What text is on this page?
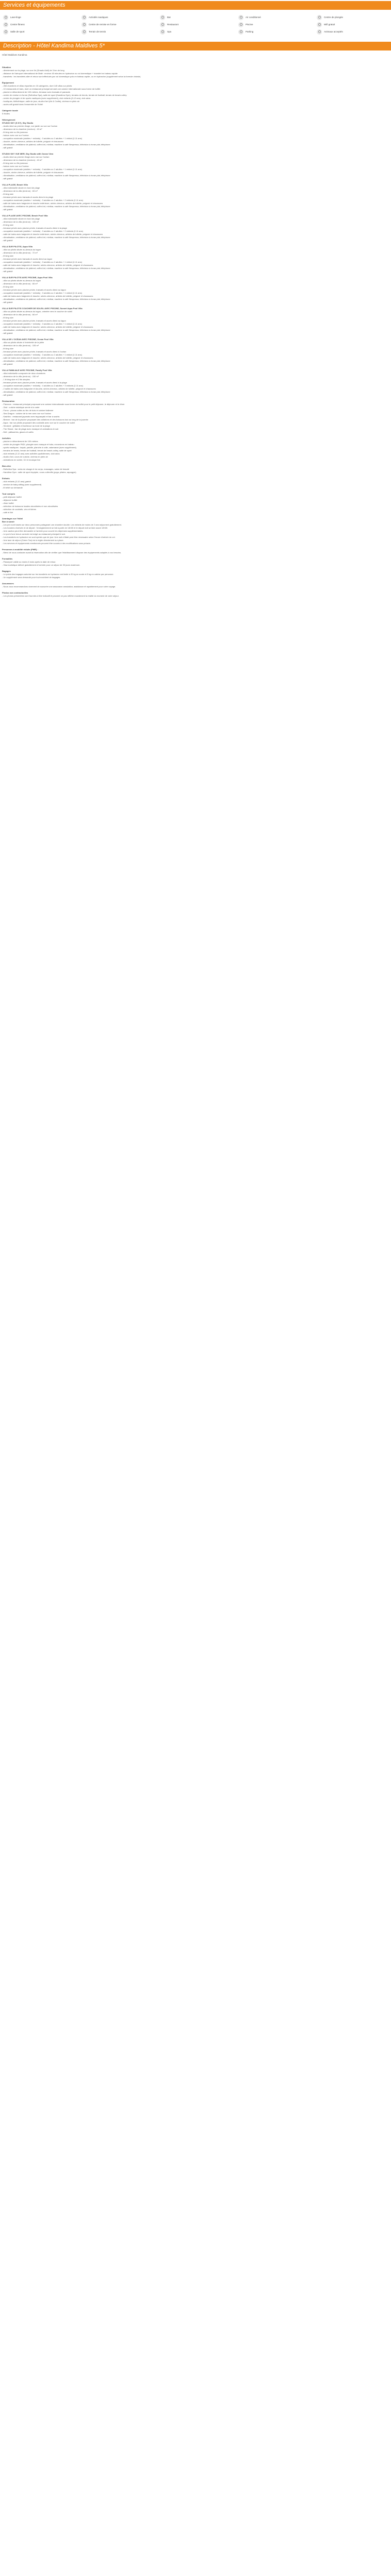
Services et équipements
Lave-linge	Activités nautiques	Bar	Air conditionné	Centre de plongée
Centre fitness	Centre de remise en forme	Restaurant	Piscine	Wifi gratuit
Salle de sport	Terrain de tennis	Spa	Parking	Animaux acceptés
Description - Hôtel Kandima Maldives 5*
Hôtel Maldives Kandima
Situation
- directement sur la plage, sur une île (Dhaalu Atoll) de 3 km de long
- distance de l'aéroport international de Malé : environ 45 minutes en hydravion ou vol domestique + transfert en bateau rapide
- transferts : les transferts aller et retour sont effectués par vol domestique puis en bateau rapide, ou en hydravion (supplément selon la formule choisie)
Équipement
- 266 chambres et villas réparties en 15 catégories, dont 145 villas sur pilotis
- 10 restaurants et bars, dont un restaurant principal servant une cuisine internationale sous forme de buffet
- piscine à débordement de 100 mètres, terrasse avec transats et parasols
- centre de remise en forme (Esthetica Spa), salle de sport (Kandima Gym), terrains de tennis, terrain de football, terrain de beach-volley
- centre de plongée et de sports nautiques (avec supplément), club enfants (3-12 ans), club ados
- boutiques, bibliothèque, salle de jeux, studio d'art (Art & Crafts), cinéma en plein air
- accès wifi gratuit dans l'ensemble de l'hôtel
Catégorie locale
5 étoiles
Hébergement
STUDIO SKY (S KY), Sky Studio
- studio situé au premier étage, vue jardin ou vue sur l'océan
- dimension de la chambre (environ) : 43 m²
- lit king size ou lits jumeaux
- balcon avec vue sur l'océan
- occupation maximale (adultes + enfants) : 3 adultes ou 2 adultes + 1 enfant (2-11 ans)
- douche, sèche-cheveux, articles de toilette, peignoir et chaussons
- climatisation, ventilateur de plafond, coffre-fort, minibar, machine à café Nespresso, télévision à écran plat, téléphone
- wifi gratuit
STUDIO SKY VUE MER, Sky Studio with Ocean View
- studio situé au premier étage avec vue sur l'océan
- dimension de la chambre (environ) : 43 m²
- lit king size ou lits jumeaux
- balcon avec vue sur l'océan
- occupation maximale (adultes + enfants) : 3 adultes ou 2 adultes + 1 enfant (2-11 ans)
- douche, sèche-cheveux, articles de toilette, peignoir et chaussons
- climatisation, ventilateur de plafond, coffre-fort, minibar, machine à café Nespresso, télévision à écran plat, téléphone
- wifi gratuit
VILLA PLAGE, Beach Villa
- villa individuelle située en bord de plage
- dimension de la villa (environ) : 63 m²
- lit king size
- terrasse privée avec transats et accès direct à la plage
- occupation maximale (adultes + enfants) : 3 adultes ou 2 adultes + 2 enfants (2-11 ans)
- salle de bains avec baignoire et douche extérieure, sèche-cheveux, articles de toilette, peignoir et chaussons
- climatisation, ventilateur de plafond, coffre-fort, minibar, machine à café Nespresso, télévision à écran plat, téléphone
- wifi gratuit
VILLA PLAGE AVEC PISCINE, Beach Pool Villa
- villa individuelle située en bord de plage
- dimension de la villa (environ) : 105 m²
- lit king size
- terrasse privée avec piscine privée, transats et accès direct à la plage
- occupation maximale (adultes + enfants) : 3 adultes ou 2 adultes + 2 enfants (2-11 ans)
- salle de bains avec baignoire et douche extérieure, sèche-cheveux, articles de toilette, peignoir et chaussons
- climatisation, ventilateur de plafond, coffre-fort, minibar, machine à café Nespresso, télévision à écran plat, téléphone
- wifi gratuit
VILLA SUR PILOTIS, Aqua Villa
- villa sur pilotis située au-dessus du lagon
- dimension de la villa (environ) : 72 m²
- lit king size
- terrasse privée avec transats et accès direct au lagon
- occupation maximale (adultes + enfants) : 3 adultes ou 2 adultes + 1 enfant (2-11 ans)
- salle de bains avec baignoire et douche, sèche-cheveux, articles de toilette, peignoir et chaussons
- climatisation, ventilateur de plafond, coffre-fort, minibar, machine à café Nespresso, télévision à écran plat, téléphone
- wifi gratuit
VILLA SUR PILOTIS AVEC PISCINE, Aqua Pool Villa
- villa sur pilotis située au-dessus du lagon
- dimension de la villa (environ) : 84 m²
- lit king size
- terrasse privée avec piscine privée, transats et accès direct au lagon
- occupation maximale (adultes + enfants) : 3 adultes ou 2 adultes + 1 enfant (2-11 ans)
- salle de bains avec baignoire et douche, sèche-cheveux, articles de toilette, peignoir et chaussons
- climatisation, ventilateur de plafond, coffre-fort, minibar, machine à café Nespresso, télévision à écran plat, téléphone
- wifi gratuit
VILLA SUR PILOTIS COUCHER DE SOLEIL AVEC PISCINE, Sunset Aqua Pool Villa
- villa sur pilotis située au-dessus du lagon, orientée vers le coucher de soleil
- dimension de la villa (environ) : 84 m²
- lit king size
- terrasse privée avec piscine privée, transats et accès direct au lagon
- occupation maximale (adultes + enfants) : 3 adultes ou 2 adultes + 1 enfant (2-11 ans)
- salle de bains avec baignoire et douche, sèche-cheveux, articles de toilette, peignoir et chaussons
- climatisation, ventilateur de plafond, coffre-fort, minibar, machine à café Nespresso, télévision à écran plat, téléphone
- wifi gratuit
VILLA DE L'OCÉAN AVEC PISCINE, Ocean Pool Villa
- villa sur pilotis située à l'extrémité de la jetée
- dimension de la villa (environ) : 105 m²
- lit king size
- terrasse privée avec piscine privée, transats et accès direct à l'océan
- occupation maximale (adultes + enfants) : 3 adultes ou 2 adultes + 1 enfant (2-11 ans)
- salle de bains avec baignoire et douche, sèche-cheveux, articles de toilette, peignoir et chaussons
- climatisation, ventilateur de plafond, coffre-fort, minibar, machine à café Nespresso, télévision à écran plat, téléphone
- wifi gratuit
VILLA FAMILIALE AVEC PISCINE, Family Pool Villa
- villa individuelle composée de deux chambres
- dimension de la villa (environ) : 150 m²
- 1 lit king size et 2 lits simples
- terrasse privée avec piscine privée, transats et accès direct à la plage
- occupation maximale (adultes + enfants) : 4 adultes ou 2 adultes + 3 enfants (2-11 ans)
- 2 salles de bains avec baignoire et douche, sèche-cheveux, articles de toilette, peignoir et chaussons
- climatisation, ventilateur de plafond, coffre-fort, minibar, machine à café Nespresso, télévision à écran plat, téléphone
- wifi gratuit
Restauration
- Flavours : restaurant principal proposant une cuisine internationale sous forme de buffet pour le petit déjeuner, le déjeuner et le dîner
- Zest : cuisine asiatique servie à la carte
- Forno : pizzas cuites au feu de bois et cuisine italienne
- Sea Dragon : cuisine de la mer avec vue sur l'océan
- Kashibo : restaurant japonais avec teppanyaki et bar à sushis
- Breeze : bar de la piscine proposant des collations et des boissons tout au long de la journée
- Aqua : bar sur pilotis proposant des cocktails avec vue sur le coucher de soleil
- Smoked : grillades et barbecue au bord de la plage
- The Shack : bar de plage avec musique et animations le soir
- Deli : pâtisseries, glaces et cafés
Activités
- piscine à débordement de 100 mètres
- centre de plongée PADI, plongée avec masque et tuba, excursions en bateau
- sports nautiques : kayak, paddle, planche à voile, catamaran (avec supplément)
- terrains de tennis, terrain de football, terrain de beach-volley, salle de sport
- club enfants (3-12 ans) avec activités quotidiennes, club ados
- studio d'art, cours de cuisine, cinéma en plein air
- animations en soirée, DJ et musique live
Bien-être
- Esthetica Spa : soins du visage et du corps, massages, salon de beauté
- Kandima Gym : salle de sport équipée, cours collectifs (yoga, pilates, aquagym)
Enfants
- club enfants (3-12 ans) gratuit
- service de baby-sitting (avec supplément)
- lit bébé sur demande
Tout compris
- petit déjeuner buffet
- déjeuner buffet
- dîner buffet
- sélection de boissons locales alcoolisées et non alcoolisées
- sélection de cocktails, vins et bières
- café et thé
Avantages sur l'hôtel
Bon à savoir
- Les prix sont basés sur deux personnes partageant une chambre double. Les enfants de moins de 2 ans séjournent gratuitement.
- Les horaires d'arrivée et de départ : l'enregistrement se fait à partir de 14h00 et le départ doit se faire avant 12h00.
- Une caution peut être demandée à l'arrivée pour couvrir les dépenses supplémentaires.
- Le port d'une tenue correcte est exigé au restaurant principal le soir.
- Les transferts en hydravion ne sont opérés que de jour. Une nuit à Malé peut être nécessaire selon l'heure d'arrivée du vol.
- Une taxe de séjour (Green Tax) est à régler directement sur place.
- Les services et équipements mentionnés peuvent être soumis à des modifications sans préavis.
Personnes à mobilité réduite (PMR) :
- Merci de nous contacter avant la réservation afin de vérifier que l'établissement dispose des équipements adaptés à vos besoins.
Formalités
- Passeport valide au moins 6 mois après la date de retour.
- Visa touristique délivré gratuitement à l'arrivée pour un séjour de 30 jours maximum.
Bagages
- Le poids des bagages autorisé sur les transferts en hydravion est limité à 20 kg en soute et 5 kg en cabine par personne.
- Un supplément sera demandé pour tout excédent de bagages.
Assurances
- Nous vous recommandons vivement de souscrire une assurance annulation, assistance et rapatriement pour votre voyage.
Photos non contractuelles
- Les photos présentées sont fournies à titre indicatif et peuvent ne pas refléter exactement la réalité du moment de votre séjour.
